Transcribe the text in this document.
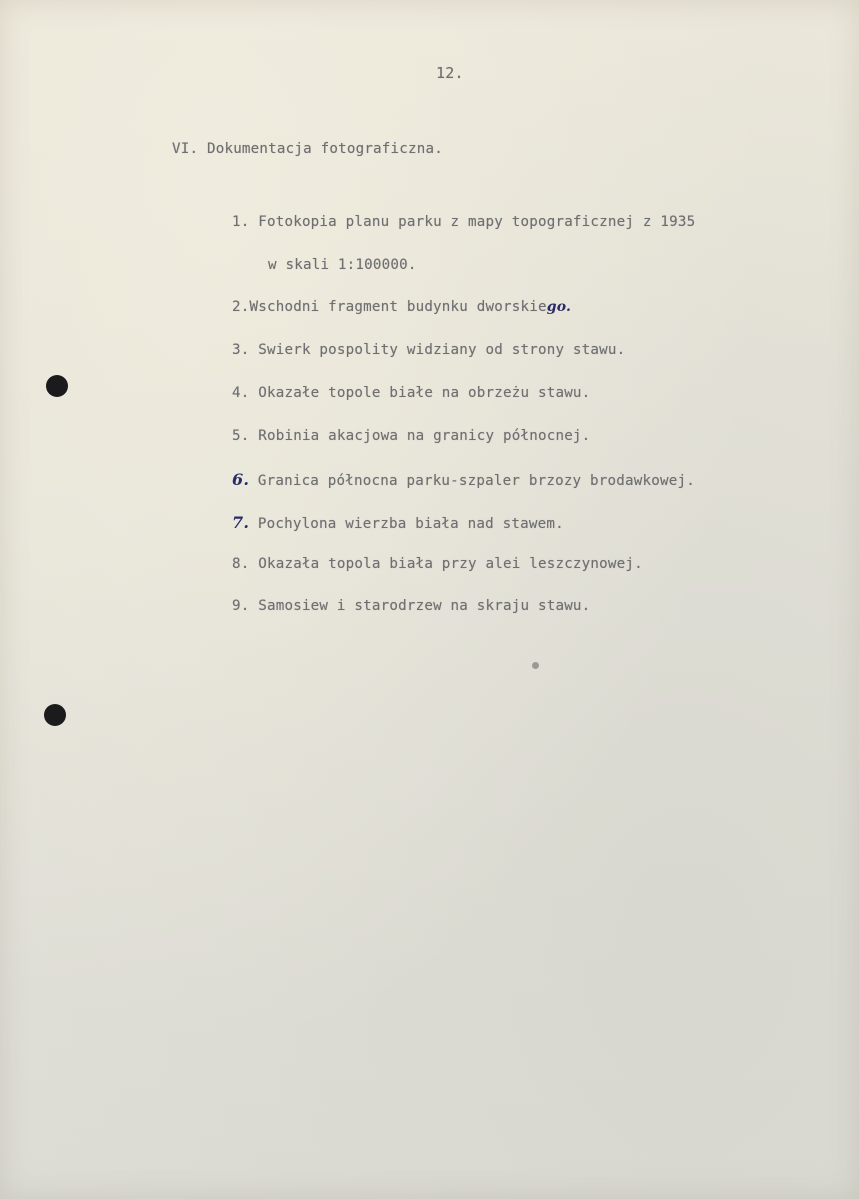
12.
VI. Dokumentacja fotograficzna.
1. Fotokopia planu parku z mapy topograficznej z 1935
w skali 1:100000.
2.Wschodni fragment budynku dworskiego.
3. Swierk pospolity widziany od strony stawu.
4. Okazałe topole białe na obrzeżu stawu.
5. Robinia akacjowa na granicy północnej.
6. Granica północna parku-szpaler brzozy brodawkowej.
7. Pochylona wierzba biała nad stawem.
8. Okazała topola biała przy alei leszczynowej.
9. Samosiew i starodrzew na skraju stawu.
